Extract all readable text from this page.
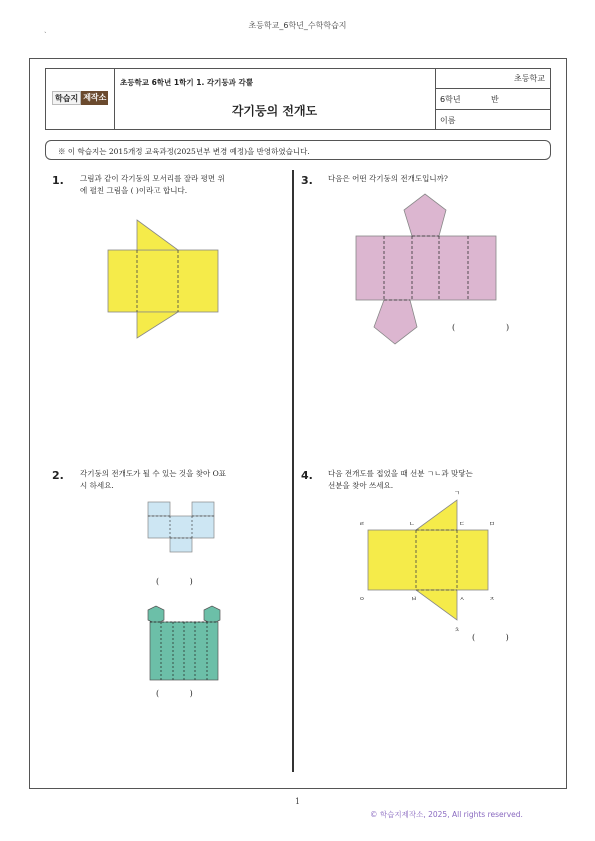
초등학교_6학년_수학학습지
`
학습지 제작소
초등학교 6학년 1학기 1. 각기둥과 각뿔
각기둥의 전개도
초등학교
6학년	반
이름
※ 이 학습지는 2015개정 교육과정(2025년부 변경 예정)을 반영하였습니다.
1. 그림과 같이 각기둥의 모서리를 잘라 평면 위
에 펼친 그림을 ( )이라고 합니다.
2. 각기둥의 전개도가 될 수 있는 것을 찾아 O표
시 하세요.
(            )
(            )
3. 다음은 어떤 각기둥의 전개도입니까?
(                    )
4. 다음 전개도를 접었을 때 선분 ㄱㄴ과 맞닿는
선분을 찾아 쓰세요.
ㄱ
ㄹ	ㄴ	ㄷ	ㅁ
ㅇ	ㅂ	ㅅ	ㅈ
ㅊ
(            )
1
© 학습지제작소, 2025, All rights reserved.
